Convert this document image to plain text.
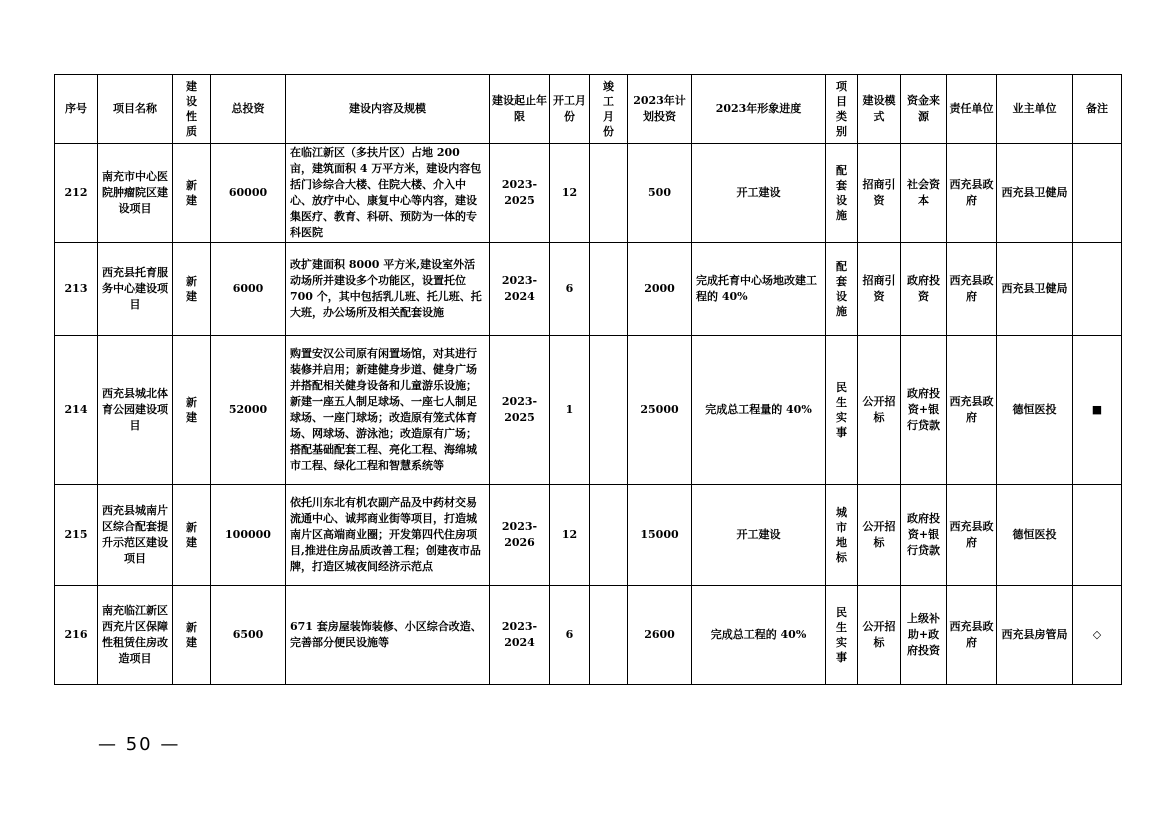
序号	项目名称	建设性质	总投资	建设内容及规模	建设起止年限	开工月份	竣工月份	2023年计划投资	2023年形象进度	项目类别	建设模式	资金来源	责任单位	业主单位	备注
212	南充市中心医院肿瘤院区建设项目	新建	60000	在临江新区（多扶片区）占地 200 亩，建筑面积 4 万平方米，建设内容包括门诊综合大楼、住院大楼、介入中心、放疗中心、康复中心等内容，建设集医疗、教育、科研、预防为一体的专科医院	2023-2025	12		500	开工建设	配套设施	招商引资	社会资本	西充县政府	西充县卫健局	
213	西充县托育服务中心建设项目	新建	6000	改扩建面积 8000 平方米,建设室外活动场所并建设多个功能区，设置托位 700 个，其中包括乳儿班、托儿班、托大班，办公场所及相关配套设施	2023-2024	6		2000	完成托育中心场地改建工程的 40%	配套设施	招商引资	政府投资	西充县政府	西充县卫健局	
214	西充县城北体育公园建设项目	新建	52000	购置安汉公司原有闲置场馆，对其进行装修并启用；新建健身步道、健身广场并搭配相关健身设备和儿童游乐设施；新建一座五人制足球场、一座七人制足球场、一座门球场；改造原有笼式体育场、网球场、游泳池；改造原有广场；搭配基础配套工程、亮化工程、海绵城市工程、绿化工程和智慧系统等	2023-2025	1		25000	完成总工程量的 40%	民生实事	公开招标	政府投资+银行贷款	西充县政府	德恒医投	■
215	西充县城南片区综合配套提升示范区建设项目	新建	100000	依托川东北有机农副产品及中药材交易流通中心、诚邦商业街等项目，打造城南片区高端商业圈；开发第四代住房项目,推进住房品质改善工程；创建夜市品牌，打造区城夜间经济示范点	2023-2026	12		15000	开工建设	城市地标	公开招标	政府投资+银行贷款	西充县政府	德恒医投	
216	南充临江新区西充片区保障性租赁住房改造项目	新建	6500	671 套房屋装饰装修、小区综合改造、完善部分便民设施等	2023-2024	6		2600	完成总工程的 40%	民生实事	公开招标	上级补助+政府投资	西充县政府	西充县房管局	◇
— 50 —
